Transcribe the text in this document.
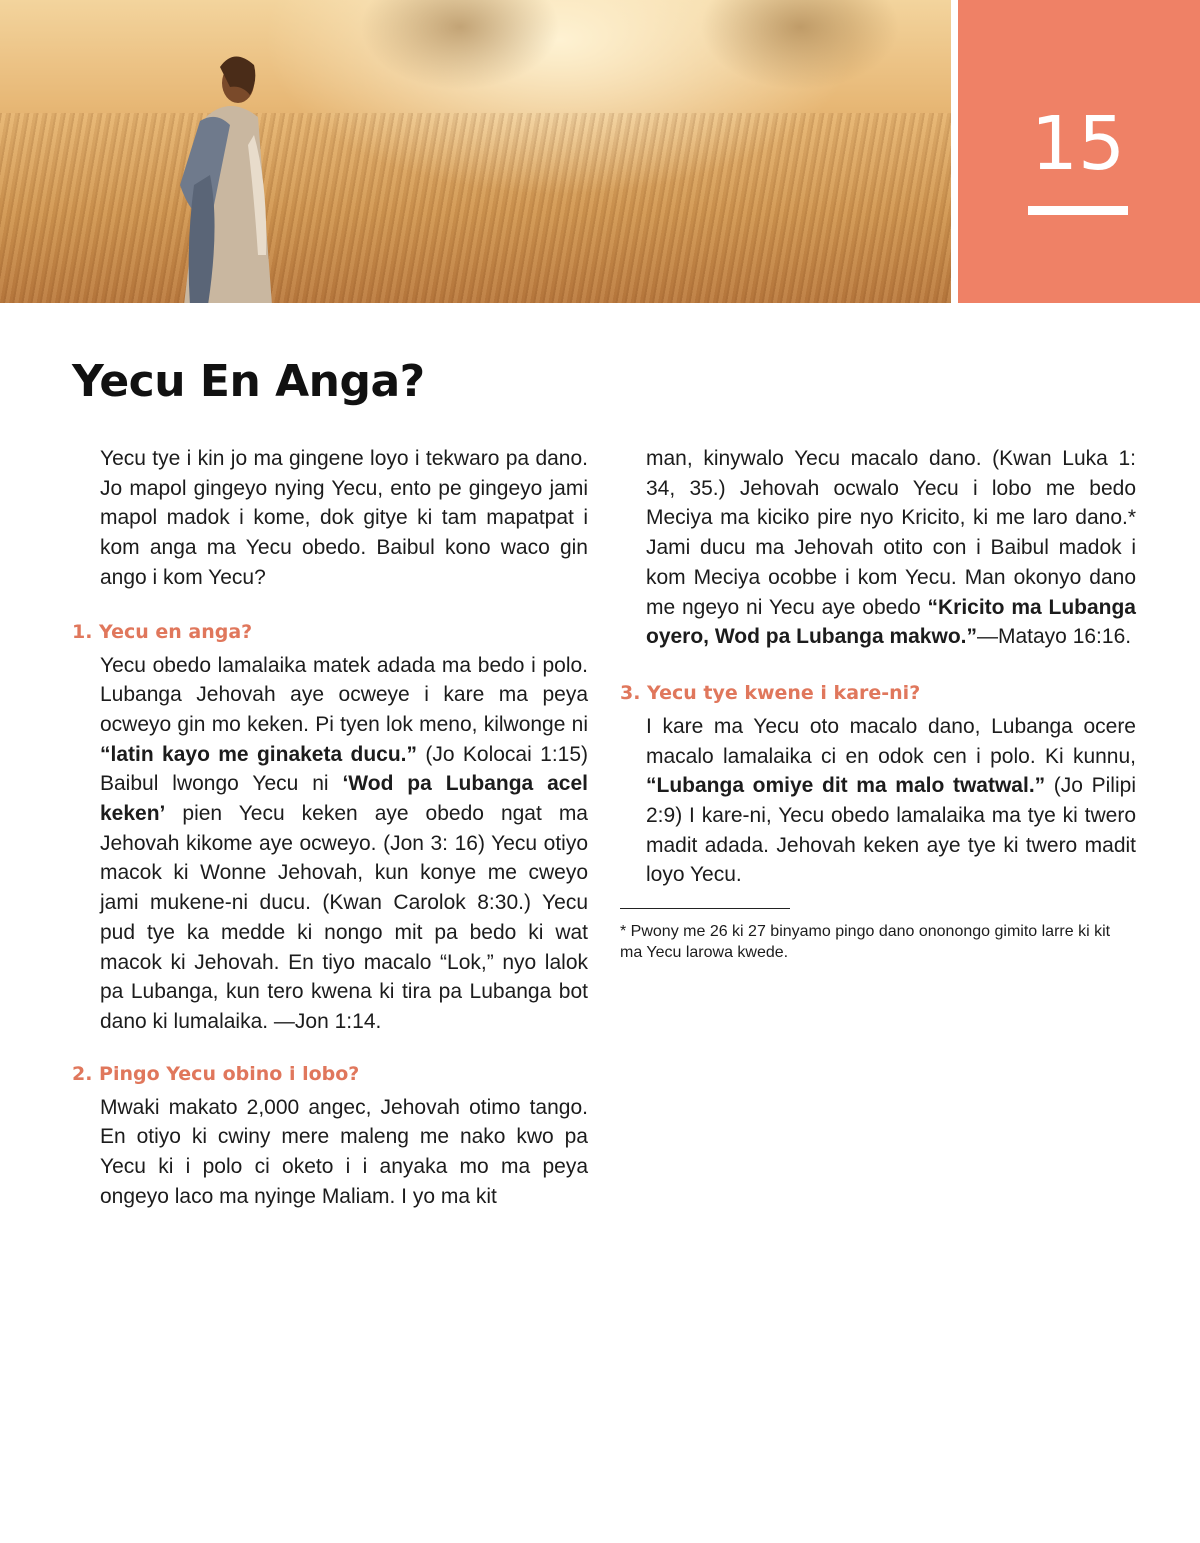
15
Yecu En Anga?

Yecu tye i kin jo ma gingene loyo i tekwaro pa dano. Jo mapol gingeyo nying Yecu, ento pe gingeyo jami mapol madok i kome, dok gitye ki tam mapatpat i kom anga ma Yecu obedo. Baibul kono waco gin ango i kom Yecu?

1. Yecu en anga?

Yecu obedo lamalaika matek adada ma bedo i polo. Lubanga Jehovah aye ocweye i kare ma peya ocweyo gin mo keken. Pi tyen lok meno, kilwonge ni “latin kayo me ginaketa ducu.” (Jo Kolocai 1:15) Baibul lwongo Yecu ni ‘Wod pa Lubanga acel keken’ pien Yecu keken aye obedo ngat ma Jehovah kikome aye ocweyo. (Jon 3: 16) Yecu otiyo macok ki Wonne Jehovah, kun konye me cweyo jami mukene-ni ducu. (Kwan Carolok 8:30.) Yecu pud tye ka medde ki nongo mit pa bedo ki wat macok ki Jehovah. En tiyo macalo “Lok,” nyo lalok pa Lubanga, kun tero kwena ki tira pa Lubanga bot dano ki lumalaika. —Jon 1:14.

2. Pingo Yecu obino i lobo?

Mwaki makato 2,000 angec, Jehovah otimo tango. En otiyo ki cwiny mere maleng me nako kwo pa Yecu ki i polo ci oketo i i anyaka mo ma peya ongeyo laco ma nyinge Maliam. I yo ma kit

man, kinywalo Yecu macalo dano. (Kwan Luka 1: 34, 35.) Jehovah ocwalo Yecu i lobo me bedo Meciya ma kiciko pire nyo Kricito, ki me laro dano.* Jami ducu ma Jehovah otito con i Baibul madok i kom Meciya ocobbe i kom Yecu. Man okonyo dano me ngeyo ni Yecu aye obedo “Kricito ma Lubanga oyero, Wod pa Lubanga makwo.”—Matayo 16:16.

3. Yecu tye kwene i kare-ni?

I kare ma Yecu oto macalo dano, Lubanga ocere macalo lamalaika ci en odok cen i polo. Ki kunnu, “Lubanga omiye dit ma malo twatwal.” (Jo Pilipi 2:9) I kare-ni, Yecu obedo lamalaika ma tye ki twero madit adada. Jehovah keken aye tye ki twero madit loyo Yecu.

* Pwony me 26 ki 27 binyamo pingo dano ononongo gimito larre ki kit ma Yecu larowa kwede.
